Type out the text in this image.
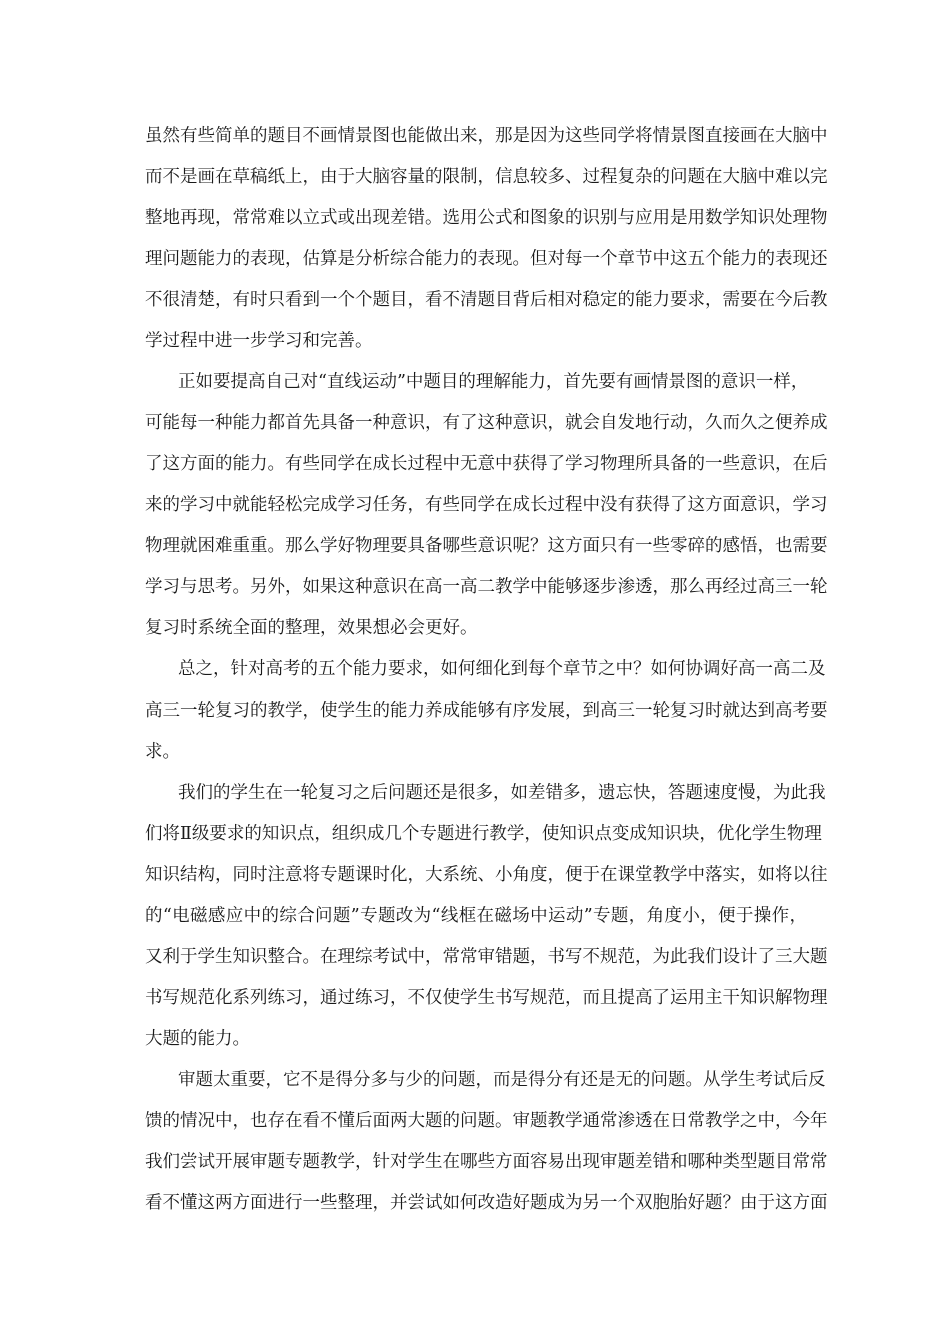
虽然有些简单的题目不画情景图也能做出来，那是因为这些同学将情景图直接画在大脑中
而不是画在草稿纸上，由于大脑容量的限制，信息较多、过程复杂的问题在大脑中难以完
整地再现，常常难以立式或出现差错。选用公式和图象的识别与应用是用数学知识处理物
理问题能力的表现，估算是分析综合能力的表现。但对每一个章节中这五个能力的表现还
不很清楚，有时只看到一个个题目，看不清题目背后相对稳定的能力要求，需要在今后教
学过程中进一步学习和完善。
正如要提高自己对“直线运动”中题目的理解能力，首先要有画情景图的意识一样，
可能每一种能力都首先具备一种意识，有了这种意识，就会自发地行动，久而久之便养成
了这方面的能力。有些同学在成长过程中无意中获得了学习物理所具备的一些意识，在后
来的学习中就能轻松完成学习任务，有些同学在成长过程中没有获得了这方面意识，学习
物理就困难重重。那么学好物理要具备哪些意识呢？这方面只有一些零碎的感悟，也需要
学习与思考。另外，如果这种意识在高一高二教学中能够逐步渗透，那么再经过高三一轮
复习时系统全面的整理，效果想必会更好。
总之，针对高考的五个能力要求，如何细化到每个章节之中？如何协调好高一高二及
高三一轮复习的教学，使学生的能力养成能够有序发展，到高三一轮复习时就达到高考要
求。
我们的学生在一轮复习之后问题还是很多，如差错多，遗忘快，答题速度慢，为此我
们将Ⅱ级要求的知识点，组织成几个专题进行教学，使知识点变成知识块，优化学生物理
知识结构，同时注意将专题课时化，大系统、小角度，便于在课堂教学中落实，如将以往
的“电磁感应中的综合问题”专题改为“线框在磁场中运动”专题，角度小，便于操作，
又利于学生知识整合。在理综考试中，常常审错题，书写不规范，为此我们设计了三大题
书写规范化系列练习，通过练习，不仅使学生书写规范，而且提高了运用主干知识解物理
大题的能力。
审题太重要，它不是得分多与少的问题，而是得分有还是无的问题。从学生考试后反
馈的情况中，也存在看不懂后面两大题的问题。审题教学通常渗透在日常教学之中，今年
我们尝试开展审题专题教学，针对学生在哪些方面容易出现审题差错和哪种类型题目常常
看不懂这两方面进行一些整理，并尝试如何改造好题成为另一个双胞胎好题？由于这方面
